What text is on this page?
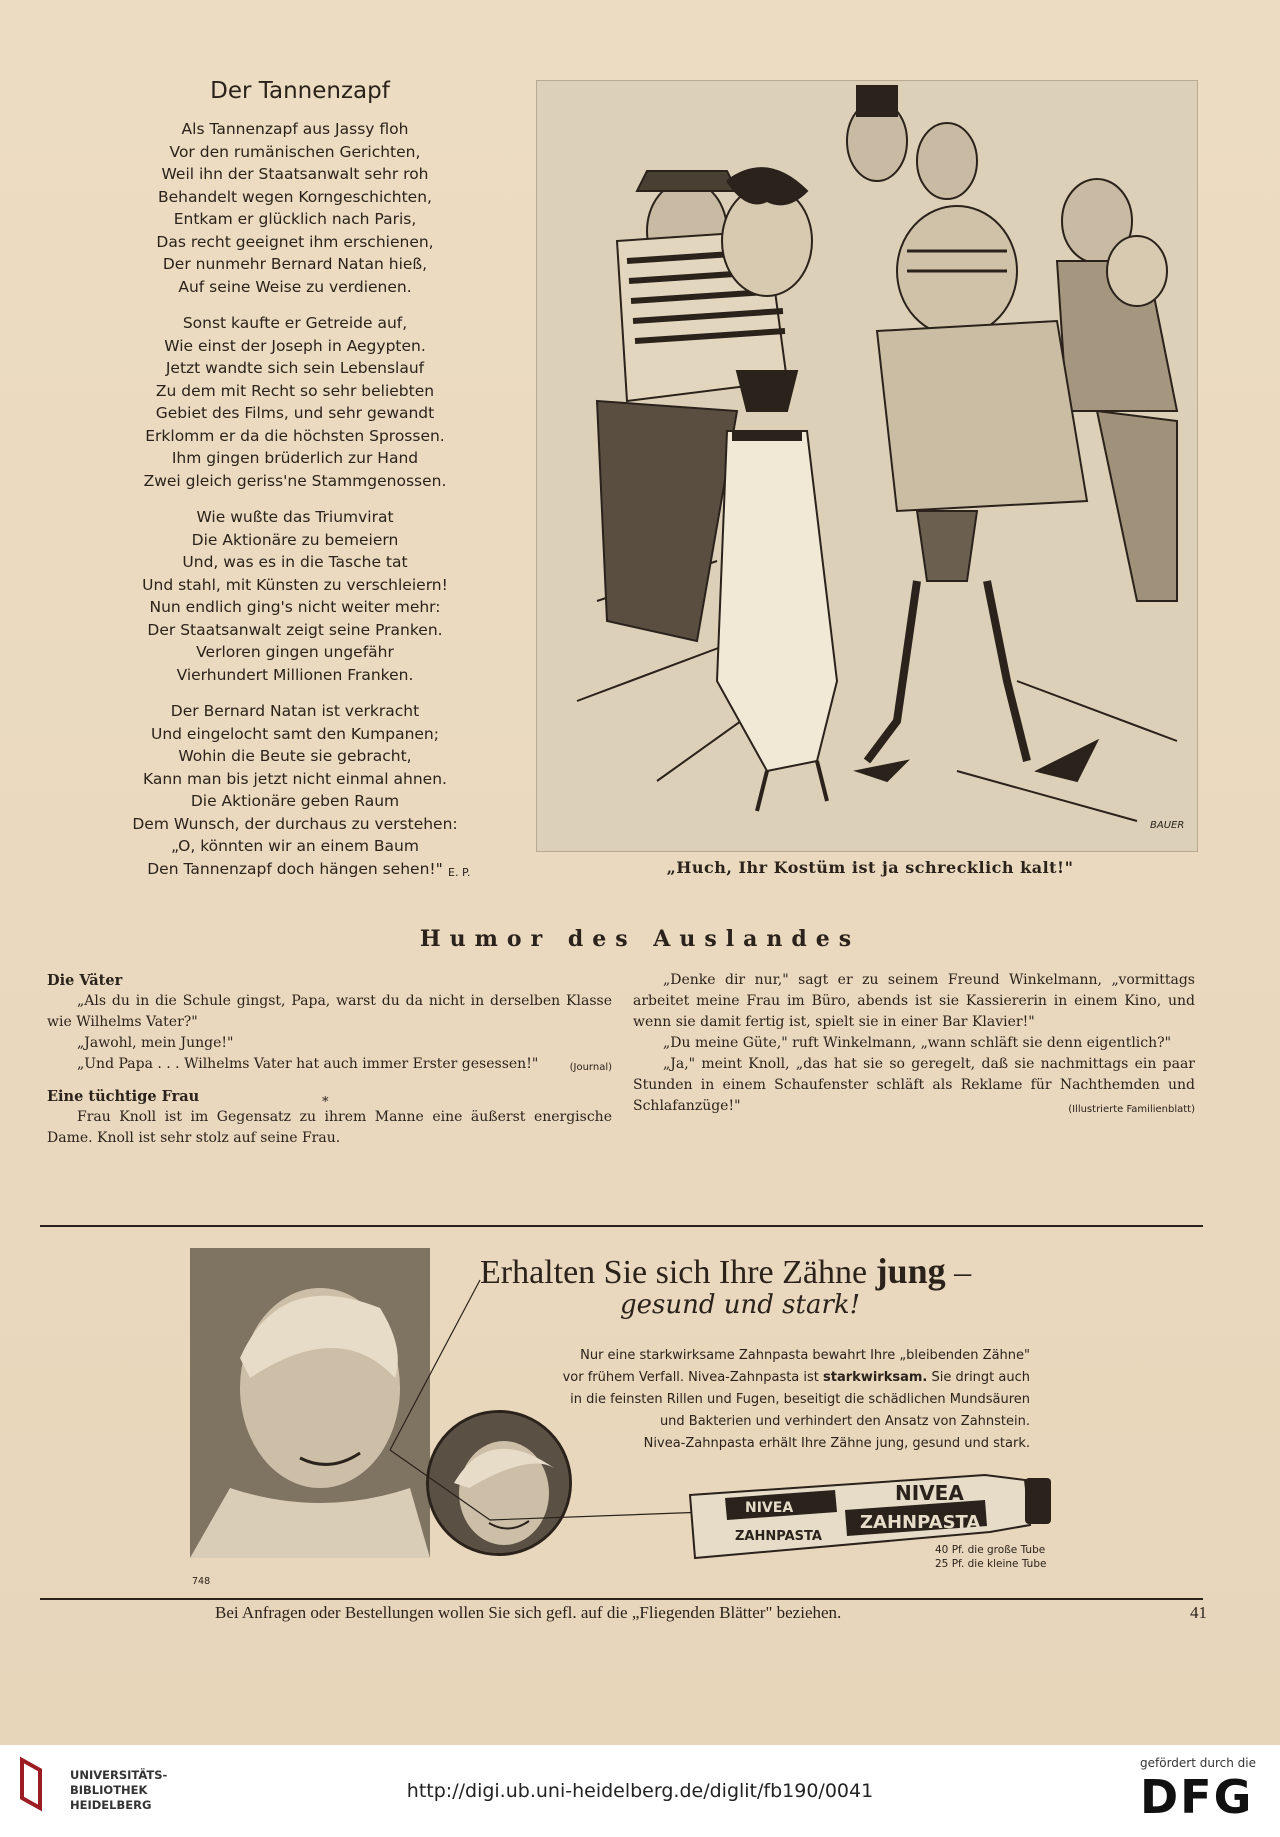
Der Tannenzapf
Als Tannenzapf aus Jassy floh
Vor den rumänischen Gerichten,
Weil ihn der Staatsanwalt sehr roh
Behandelt wegen Korngeschichten,
Entkam er glücklich nach Paris,
Das recht geeignet ihm erschienen,
Der nunmehr Bernard Natan hieß,
Auf seine Weise zu verdienen.
Sonst kaufte er Getreide auf,
Wie einst der Joseph in Aegypten.
Jetzt wandte sich sein Lebenslauf
Zu dem mit Recht so sehr beliebten
Gebiet des Films, und sehr gewandt
Erklomm er da die höchsten Sprossen.
Ihm gingen brüderlich zur Hand
Zwei gleich geriss'ne Stammgenossen.
Wie wußte das Triumvirat
Die Aktionäre zu bemeiern
Und, was es in die Tasche tat
Und stahl, mit Künsten zu verschleiern!
Nun endlich ging's nicht weiter mehr:
Der Staatsanwalt zeigt seine Pranken.
Verloren gingen ungefähr
Vierhundert Millionen Franken.
Der Bernard Natan ist verkracht
Und eingelocht samt den Kumpanen;
Wohin die Beute sie gebracht,
Kann man bis jetzt nicht einmal ahnen.
Die Aktionäre geben Raum
Dem Wunsch, der durchaus zu verstehen:
„O, könnten wir an einem Baum
Den Tannenzapf doch hängen sehen!" E. P.
BAUER
„Huch, Ihr Kostüm ist ja schrecklich kalt!"
Humor des Auslandes
Die Väter

„Als du in die Schule gingst, Papa, warst du da nicht in derselben Klasse wie Wilhelms Vater?"

„Jawohl, mein Junge!"

„Und Papa . . . Wilhelms Vater hat auch immer Erster gesessen!"	(Journal)

Eine tüchtige Frau

Frau Knoll ist im Gegensatz zu ihrem Manne eine äußerst energische Dame. Knoll ist sehr stolz auf seine Frau.

*

„Denke dir nur," sagt er zu seinem Freund Winkelmann, „vormittags arbeitet meine Frau im Büro, abends ist sie Kassiererin in einem Kino, und wenn sie damit fertig ist, spielt sie in einer Bar Klavier!"

„Du meine Güte," ruft Winkelmann, „wann schläft sie denn eigentlich?"

„Ja," meint Knoll, „das hat sie so geregelt, daß sie nachmittags ein paar Stunden in einem Schaufenster schläft als Reklame für Nachthemden und Schlafanzüge!"	(Illustrierte Familienblatt)

Erhalten Sie sich Ihre Zähne jung –
gesund und stark!
Nur eine starkwirksame Zahnpasta bewahrt Ihre „bleibenden Zähne"
vor frühem Verfall. Nivea-Zahnpasta ist starkwirksam. Sie dringt auch
in die feinsten Rillen und Fugen, beseitigt die schädlichen Mundsäuren
und Bakterien und verhindert den Ansatz von Zahnstein.
Nivea-Zahnpasta erhält Ihre Zähne jung, gesund und stark.
NIVEA
NIVEA
ZAHNPASTA
ZAHNPASTA
40 Pf. die große Tube
25 Pf. die kleine Tube
748
Bei Anfragen oder Bestellungen wollen Sie sich gefl. auf die „Fliegenden Blätter" beziehen.	41
UNIVERSITÄTS-
BIBLIOTHEK
HEIDELBERG
http://digi.ub.uni-heidelberg.de/diglit/fb190/0041
gefördert durch die
DFG
